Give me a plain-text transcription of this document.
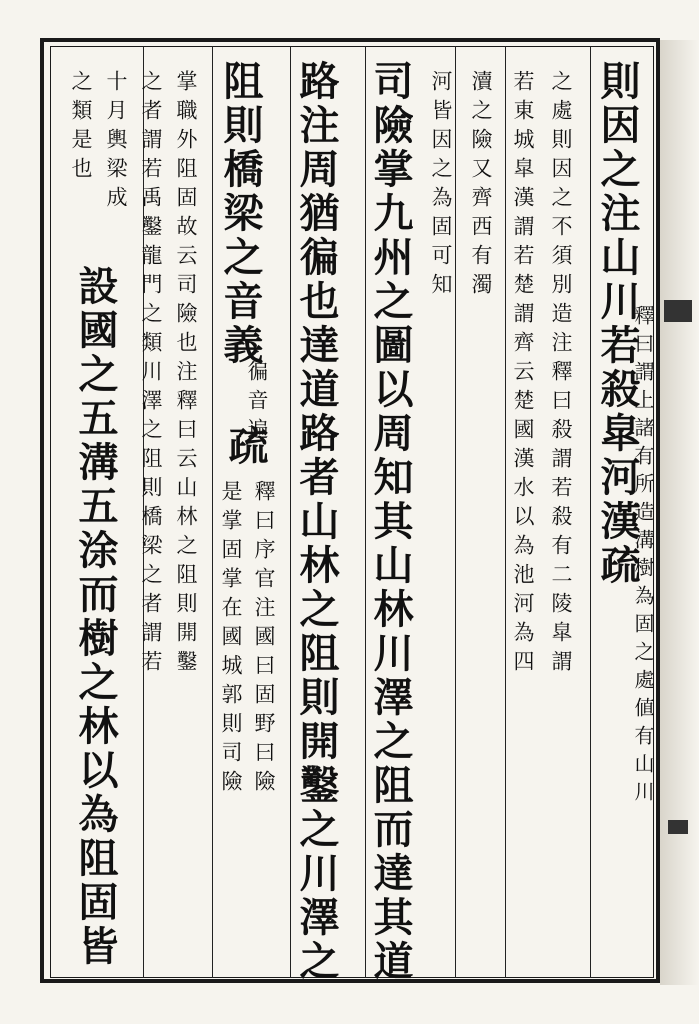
則因之注山川若殺皐河漢疏
釋曰謂上諸有所造溝樹為固之處値有山川
之處則因之不須別造注釋曰殺謂若殺有二陵皐謂
若東城皐漢謂若楚謂齊云楚國漢水以為池河為四
瀆之險又齊西有濁
河皆因之為固可知
司險掌九州之圖以周知其山林川澤之阻而達其道
路注周猶徧也達道路者山林之阻則開鑿之川澤之
阻則橋梁之音義
徧音遍
疏
是掌固掌在國城郭則司險 釋曰序官注國曰固野曰險
掌職外阻固故云司險也注釋曰云山林之阻則開鑿
之者謂若禹鑿龍門之類川澤之阻則橋梁之者謂若
十月輿梁成
之類是也
設國之五溝五涂而樹之林以為阻固皆
